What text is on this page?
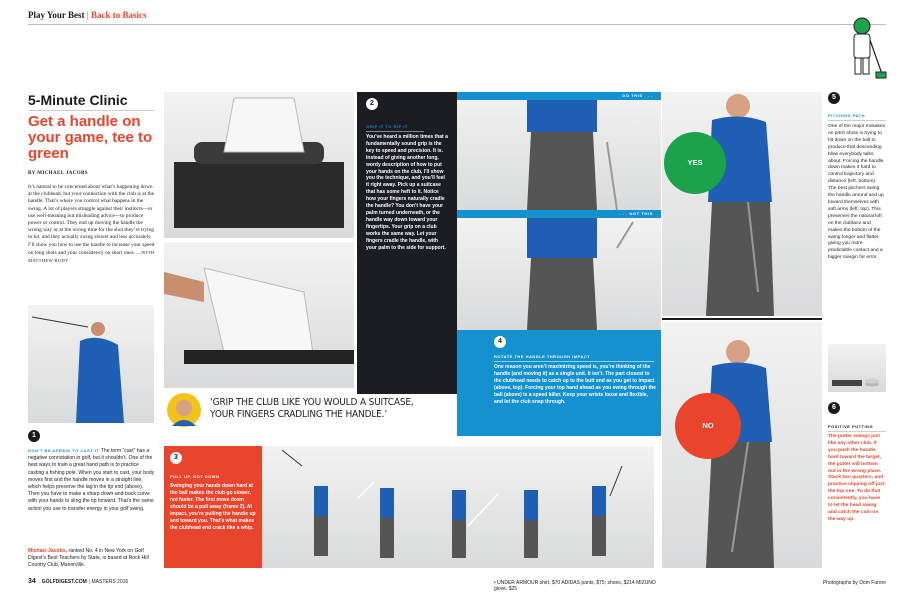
Play Your Best | Back to Basics
5-Minute Clinic
Get a handle on your game, tee to green
BY MICHAEL JACOBS
It’s natural to be concerned about what’s happening down at the clubhead, but your connection with the club is at the handle. That’s where you control what happens in the swing. A lot of players struggle against their instincts—or use well-meaning but misleading advice—to produce power or control. They end up moving the handle the wrong way or at the wrong time for the shot they’re trying to hit, and they actually swing slower and less accurately. I’ll show you how to use the handle to increase your speed on long shots and your consistency on short ones. —WITH MATTHEW RUDY
1
DON’T BE AFRAID TO CAST IT The term “cast” has a negative connotation in golf, but it shouldn’t. One of the best ways to train a great hand path is to practice casting a fishing pole. When you start to cast, your body moves first and the handle moves in a straight line, which helps preserve the lag in the tip end (above). Then you have to make a sharp down-and-back curve with your hands to sling the tip forward. That’s the same action you use to transfer energy in your golf swing.
Michael Jacobs, ranked No. 4 in New York on Golf Digest’s Best Teachers by State, is based at Rock Hill Country Club, Manorville.
2
GRIP IT TO RIP IT
You’ve heard a million times that a fundamentally sound grip is the key to speed and precision. It is. Instead of giving another long, wordy description of how to put your hands on the club, I’ll show you the technique, and you’ll feel it right away. Pick up a suitcase that has some heft to it. Notice how your fingers naturally cradle the handle? You don’t have your palm turned underneath, or the handle way down toward your fingertips. Your grip on a club works the same way. Let your fingers cradle the handle, with your palm to the side for support.
‘GRIP THE CLUB LIKE YOU WOULD A SUITCASE, YOUR FINGERS CRADLING THE HANDLE.’
3
PULL UP, NOT DOWN
Swinging your hands down hard at the ball makes the club go slower, not faster. The first move down should be a pull away (frame 2). At impact, you’re pulling the handle up and toward you. That’s what makes the clubhead end crack like a whip.
DO THIS . . .
. . . NOT THIS
4
ROTATE THE HANDLE THROUGH IMPACT
One reason you aren’t maximizing speed is, you’re thinking of the handle (and moving it) as a single unit. It isn’t. The part closest to the clubhead needs to catch up to the butt end as you get to impact (above, top). Forcing your top hand ahead as you swing through the ball (above) is a speed killer. Keep your wrists loose and flexible, and let the club snap through.
YES
NO
5
PITCHING PATH
One of the major mistakes on pitch shots is trying to hit down on the ball to produce that descending blow everybody talks about. Forcing the handle down makes it hard to control trajectory and distance (left, bottom). The best pitchers swing the handle around and up toward themselves with soft arms (left, top). This preserves the natural loft on the clubface and makes the bottom of the swing longer and flatter, giving you more predictable contact and a bigger margin for error.
6
POSITIVE PUTTING
The putter swings just like any other club. If you push the handle hard toward the target, the putter will bottom out in the wrong place. Stack two quarters, and practice clipping off just the top one. To do that consistently, you have to let the head swing and catch the coin on the way up.
34 GOLFDIGEST.COM | MASTERS 2016	• UNDER ARMOUR shirt, $70 ADIDAS pants, $75; shoes, $214 MIZUNO glove, $25
Photographs by Dom Furore
